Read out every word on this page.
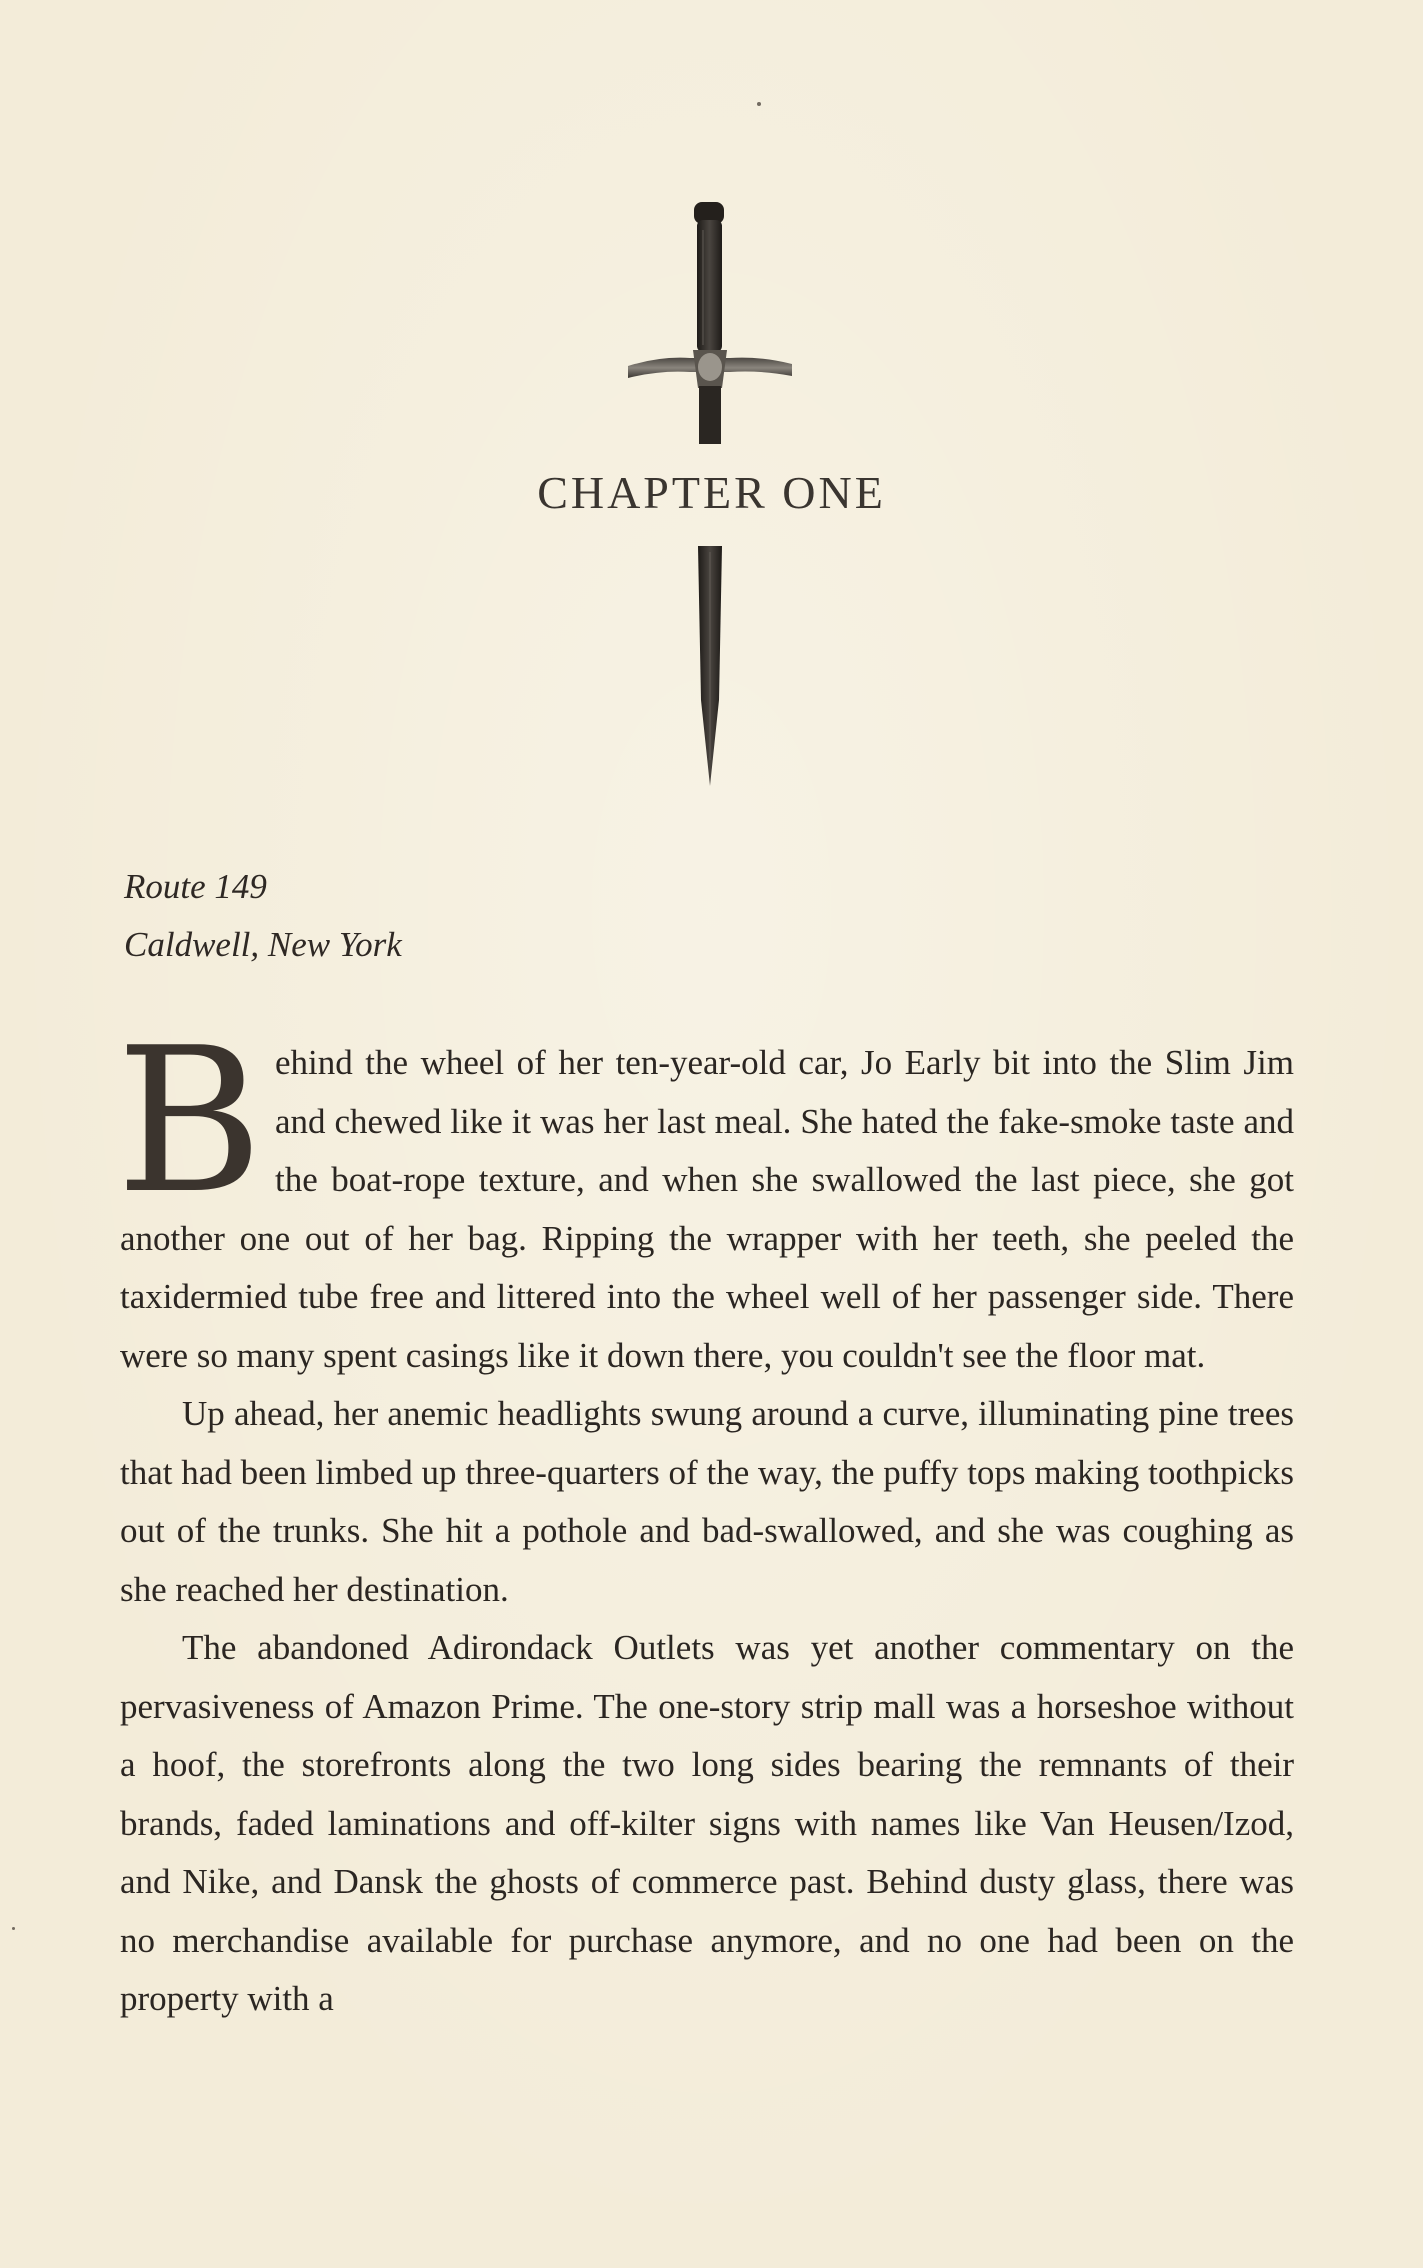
CHAPTER ONE
Route 149
Caldwell, New York

Behind the wheel of her ten-year-old car, Jo Early bit into the Slim Jim and chewed like it was her last meal. She hated the fake-smoke taste and the boat-rope texture, and when she swallowed the last piece, she got another one out of her bag. Ripping the wrapper with her teeth, she peeled the taxidermied tube free and littered into the wheel well of her passenger side. There were so many spent casings like it down there, you couldn't see the floor mat.

Up ahead, her anemic headlights swung around a curve, illuminating pine trees that had been limbed up three-quarters of the way, the puffy tops making toothpicks out of the trunks. She hit a pothole and bad-swallowed, and she was coughing as she reached her destination.

The abandoned Adirondack Outlets was yet another commentary on the pervasiveness of Amazon Prime. The one-story strip mall was a horseshoe without a hoof, the storefronts along the two long sides bearing the remnants of their brands, faded laminations and off-kilter signs with names like Van Heusen/Izod, and Nike, and Dansk the ghosts of commerce past. Behind dusty glass, there was no merchandise available for purchase anymore, and no one had been on the property with a
